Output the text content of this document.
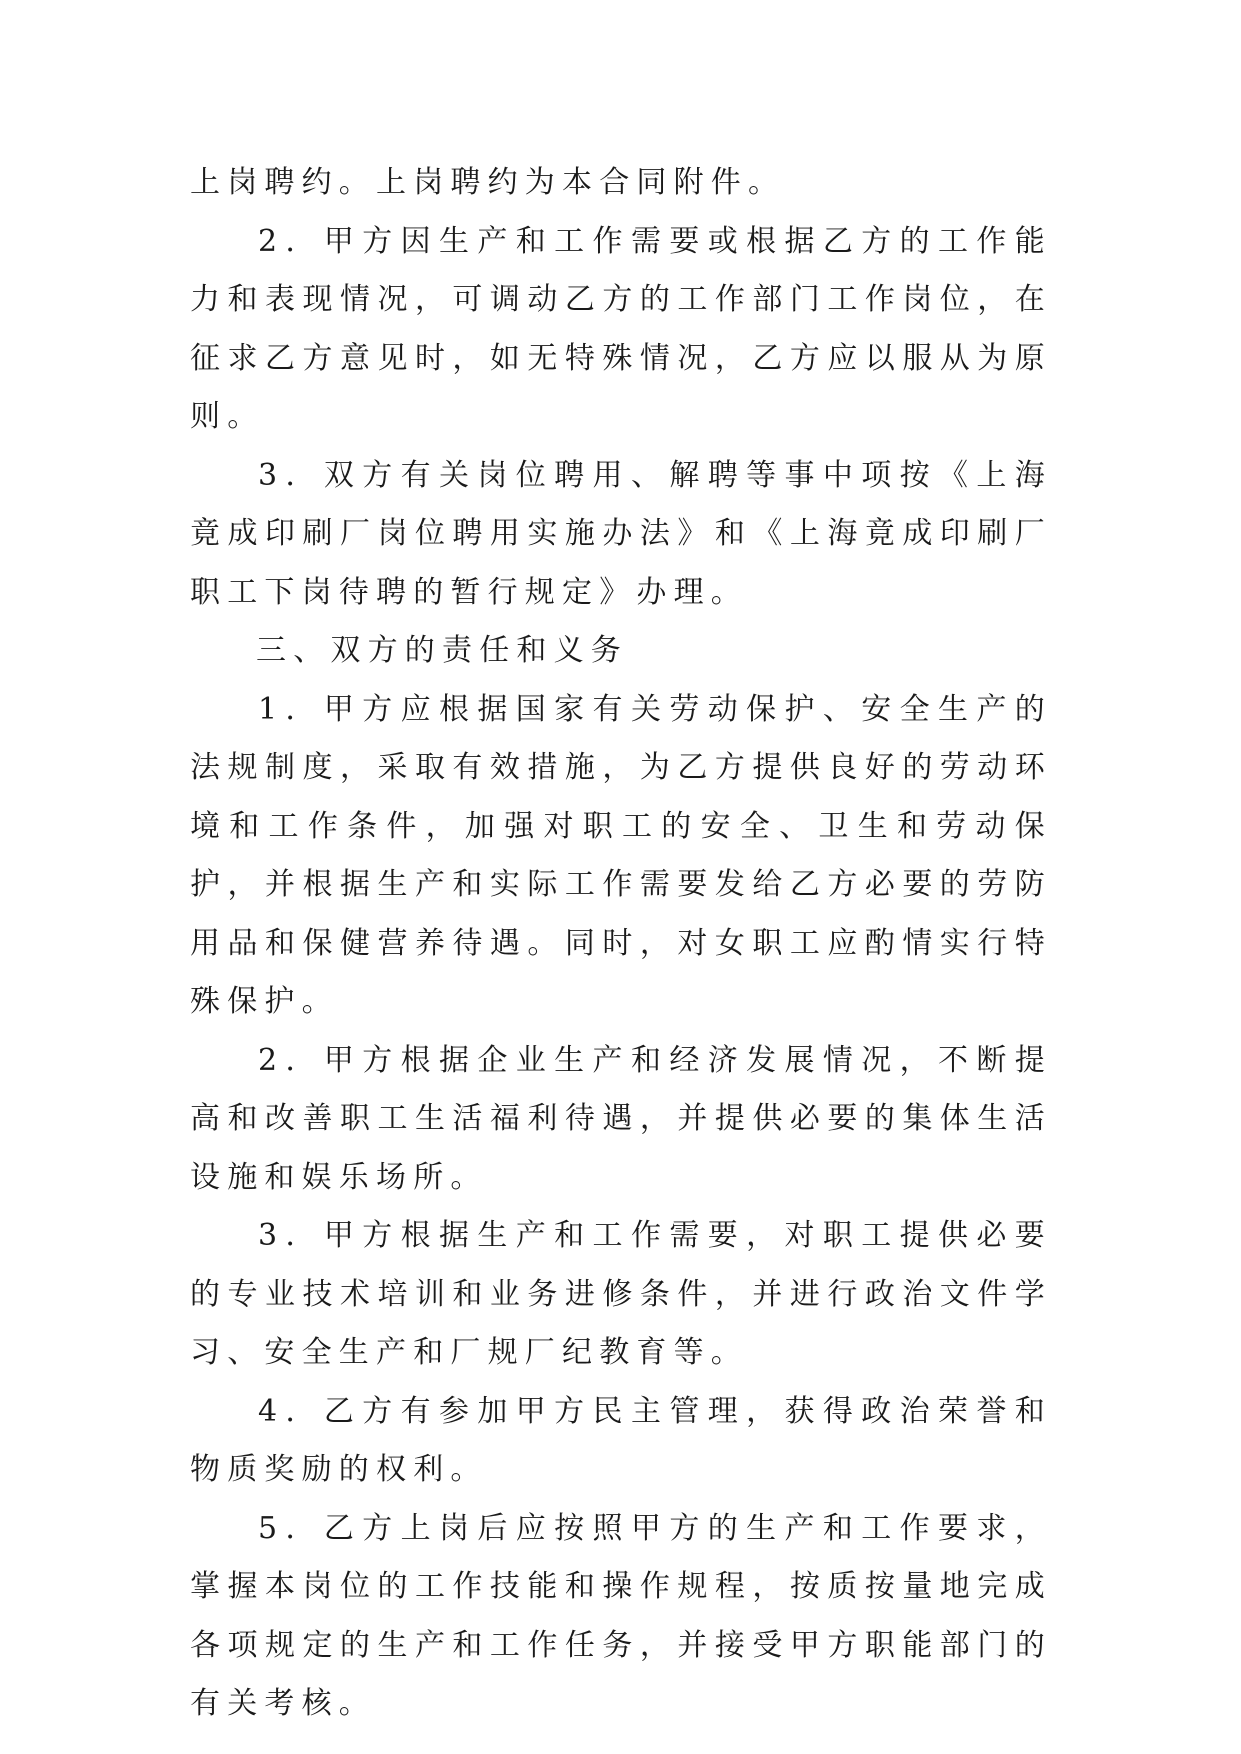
上岗聘约。上岗聘约为本合同附件。

2．甲方因生产和工作需要或根据乙方的工作能力和表现情况，可调动乙方的工作部门工作岗位，在征求乙方意见时，如无特殊情况，乙方应以服从为原则。

3．双方有关岗位聘用、解聘等事中项按《上海竟成印刷厂岗位聘用实施办法》和《上海竟成印刷厂职工下岗待聘的暂行规定》办理。

三、双方的责任和义务

1．甲方应根据国家有关劳动保护、安全生产的法规制度，采取有效措施，为乙方提供良好的劳动环境和工作条件，加强对职工的安全、卫生和劳动保护，并根据生产和实际工作需要发给乙方必要的劳防用品和保健营养待遇。同时，对女职工应酌情实行特殊保护。

2．甲方根据企业生产和经济发展情况，不断提高和改善职工生活福利待遇，并提供必要的集体生活设施和娱乐场所。

3．甲方根据生产和工作需要，对职工提供必要的专业技术培训和业务进修条件，并进行政治文件学习、安全生产和厂规厂纪教育等。

4．乙方有参加甲方民主管理，获得政治荣誉和物质奖励的权利。

5．乙方上岗后应按照甲方的生产和工作要求，掌握本岗位的工作技能和操作规程，按质按量地完成各项规定的生产和工作任务，并接受甲方职能部门的有关考核。
